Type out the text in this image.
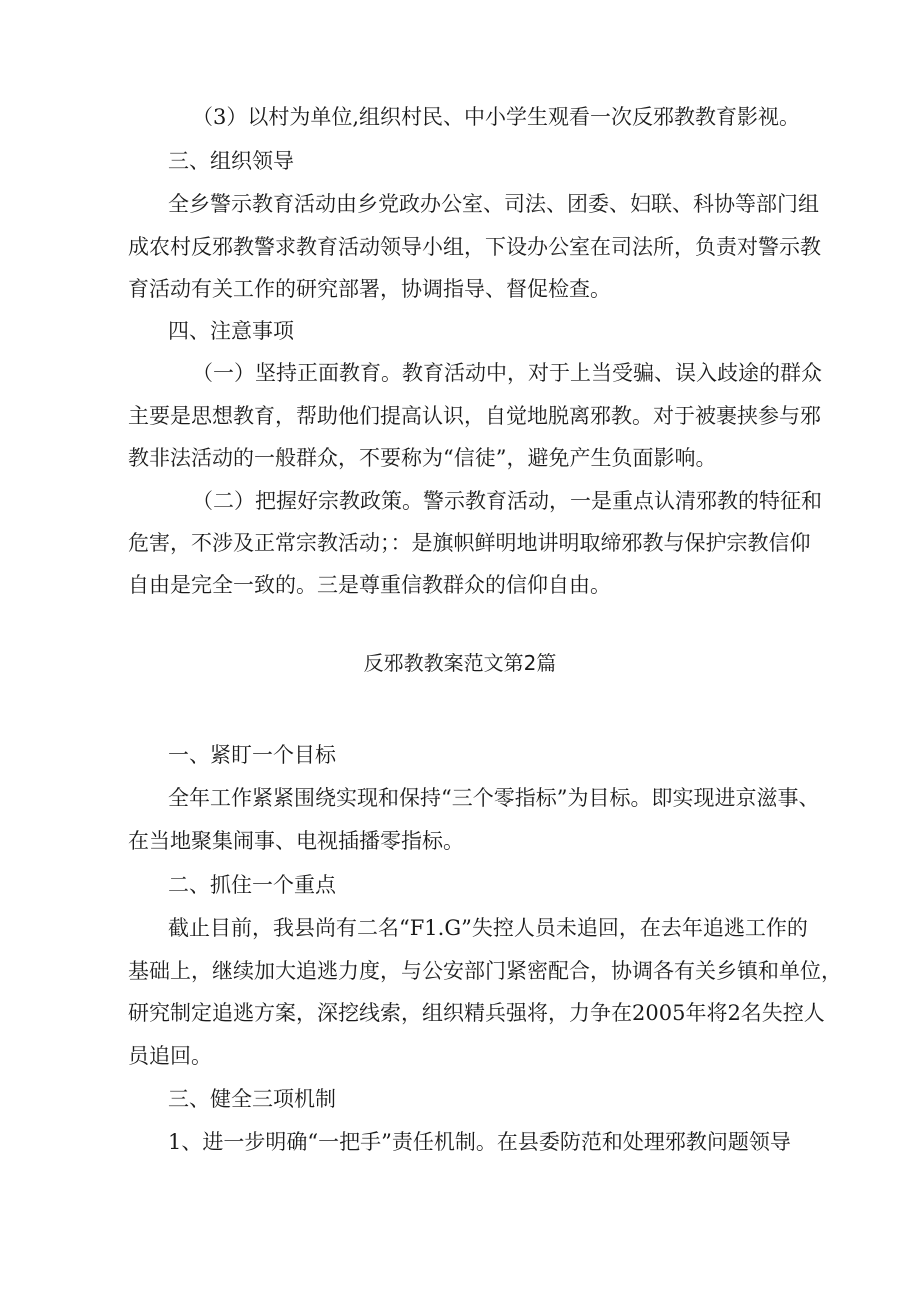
（3）以村为单位,组织村民、中小学生观看一次反邪教教育影视。
三、组织领导
全乡警示教育活动由乡党政办公室、司法、团委、妇联、科协等部门组
成农村反邪教警求教育活动领导小组，下设办公室在司法所，负责对警示教
育活动有关工作的研究部署，协调指导、督促检查。
四、注意事项
（一）坚持正面教育。教育活动中，对于上当受骗、误入歧途的群众
主要是思想教育，帮助他们提高认识，自觉地脱离邪教。对于被裹挟参与邪
教非法活动的一般群众，不要称为“信徒”，避免产生负面影响。
（二）把握好宗教政策。警示教育活动，一是重点认清邪教的特征和
危害，不涉及正常宗教活动；：是旗帜鲜明地讲明取缔邪教与保护宗教信仰
自由是完全一致的。三是尊重信教群众的信仰自由。
反邪教教案范文第2篇
一、紧盯一个目标
全年工作紧紧围绕实现和保持“三个零指标”为目标。即实现进京滋事、
在当地聚集闹事、电视插播零指标。
二、抓住一个重点
截止目前，我县尚有二名“F1.G”失控人员未追回，在去年追逃工作的
基础上，继续加大追逃力度，与公安部门紧密配合，协调各有关乡镇和单位，
研究制定追逃方案，深挖线索，组织精兵强将，力争在2005年将2名失控人
员追回。
三、健全三项机制
1、进一步明确“一把手”责任机制。在县委防范和处理邪教问题领导
